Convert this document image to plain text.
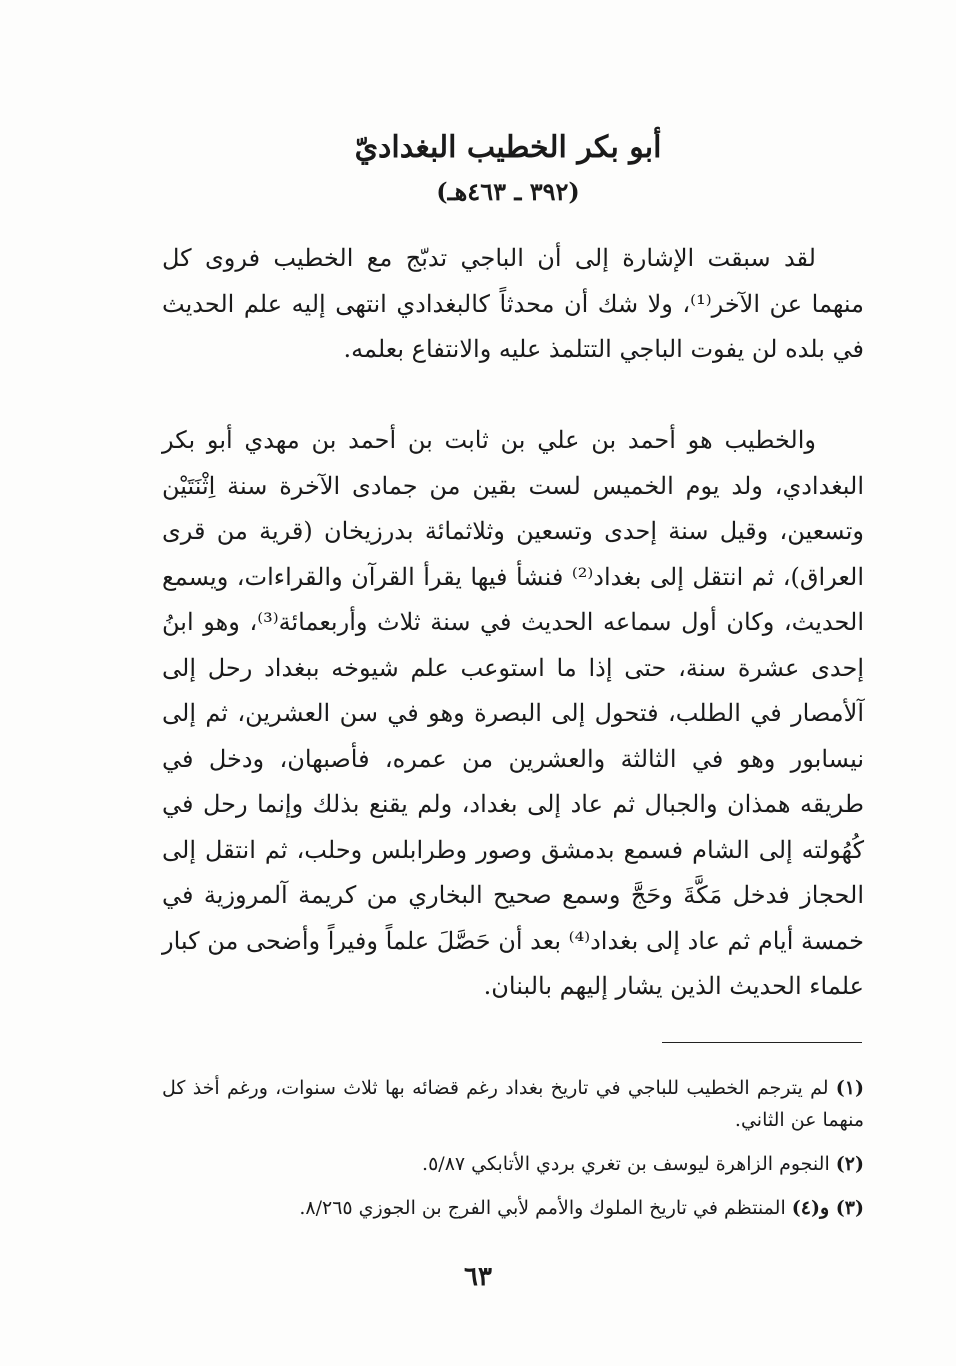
أبو بكر الخطيب البغداديّ
(٣٩٢ ـ ٤٦٣هـ)

لقد سبقت الإشارة إلى أن الباجي تدبّج مع الخطيب فروى كل منهما عن الآخر⁽¹⁾، ولا شك أن محدثاً كالبغدادي انتهى إليه علم الحديث في بلده لن يفوت الباجي التتلمذ عليه والانتفاع بعلمه.

والخطيب هو أحمد بن علي بن ثابت بن أحمد بن مهدي أبو بكر البغدادي، ولد يوم الخميس لست بقين من جمادى الآخرة سنة اِثْنَتَيْن وتسعين، وقيل سنة إحدى وتسعين وثلاثمائة بدرزيخان (قرية من قرى العراق)، ثم انتقل إلى بغداد⁽²⁾ فنشأ فيها يقرأ القرآن والقراءات، ويسمع الحديث، وكان أول سماعه الحديث في سنة ثلاث وأربعمائة⁽³⁾، وهو ابنُ إحدى عشرة سنة، حتى إذا ما استوعب علم شيوخه ببغداد رحل إلى آلأمصار في الطلب، فتحول إلى البصرة وهو في سن العشرين، ثم إلى نيسابور وهو في الثالثة والعشرين من عمره، فأصبهان، ودخل في طريقه همذان والجبال ثم عاد إلى بغداد، ولم يقنع بذلك وإنما رحل في كُهُولته إلى الشام فسمع بدمشق وصور وطرابلس وحلب، ثم انتقل إلى الحجاز فدخل مَكَّةَ وحَجَّ وسمع صحيح البخاري من كريمة آلمروزية في خمسة أيام ثم عاد إلى بغداد⁽⁴⁾ بعد أن حَصَّلَ علماً وفيراً وأضحى من كبار علماء الحديث الذين يشار إليهم بالبنان.

(١) لم يترجم الخطيب للباجي في تاريخ بغداد رغم قضائه بها ثلاث سنوات، ورغم أخذ كل منهما عن الثاني.

(٢) النجوم الزاهرة ليوسف بن تغري بردي الأتابكي ٥/٨٧.

(٣) و(٤) المنتظم في تاريخ الملوك والأمم لأبي الفرج بن الجوزي ٨/٢٦٥.

٦٣
